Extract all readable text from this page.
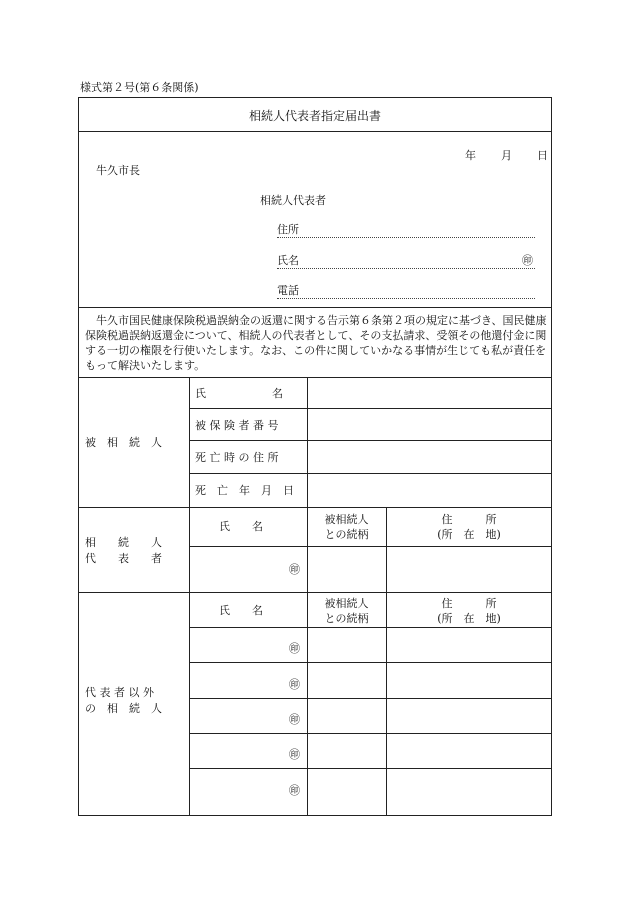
様式第２号(第６条関係)
相続人代表者指定届出書
年 月 日
牛久市長
相続人代表者
住所
氏名	㊞
電話
　牛久市国民健康保険税過誤納金の返還に関する告示第６条第２項の規定に基づき、国民健康保険税過誤納返還金について、相続人の代表者として、その支払請求、受領その他還付金に関する一切の権限を行使いたします。なお、この件に関していかなる事情が生じても私が責任をもって解決いたします。
被　相　続　人
氏　　　　　　名
被 保 険 者 番 号
死 亡 時 の 住 所
死　亡　年　月　日
相　　続　　人
代　　表　　者
氏　　名
被相続人
との続柄
住　　　所
(所　在　地)
㊞
代 表 者 以 外
の　相　続　人
氏　　名
被相続人
との続柄
住　　　所
(所　在　地)
㊞
㊞
㊞
㊞
㊞
